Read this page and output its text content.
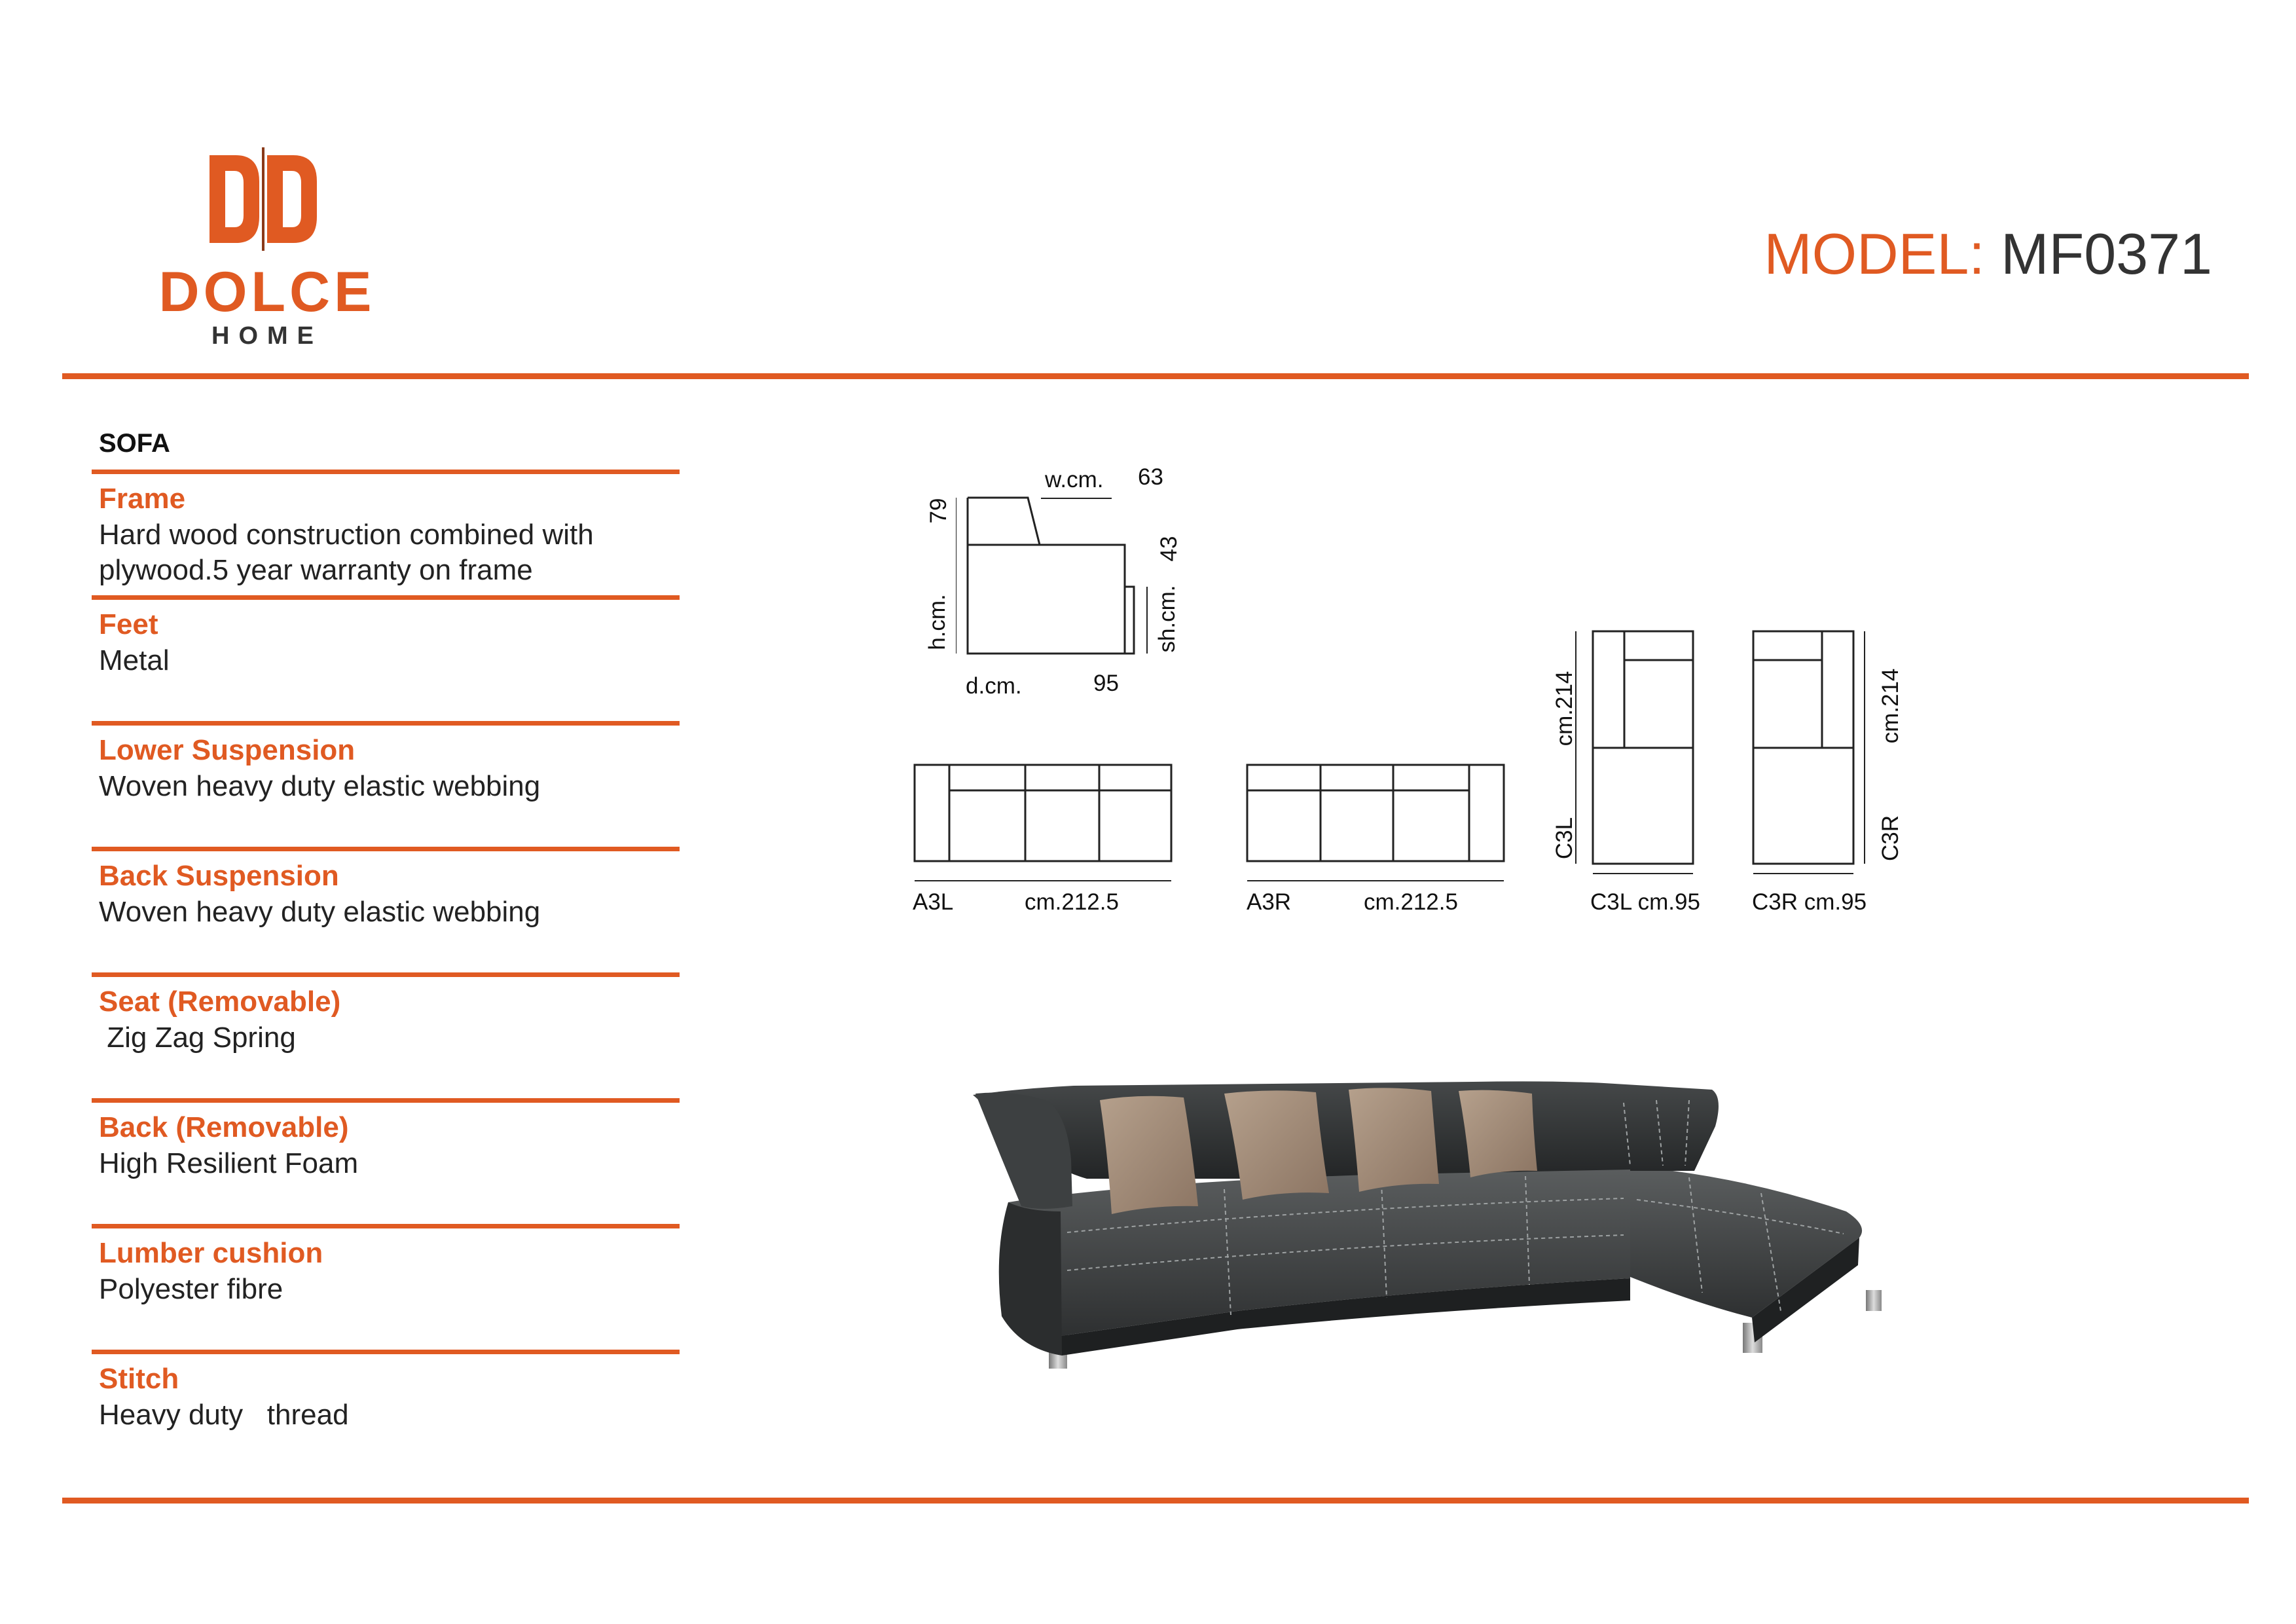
DOLCE
HOME
MODEL: MF0371
SOFA
Frame
Hard wood construction combined with plywood.5 year warranty on frame
Feet
Metal
Lower Suspension
Woven heavy duty elastic webbing
Back Suspension
Woven heavy duty elastic webbing
Seat (Removable)
Zig Zag Spring
Back (Removable)
High Resilient Foam
Lumber cushion
Polyester fibre
Stitch
Heavy duty   thread
w.cm. 63
79
h.cm.
43
sh.cm.
d.cm.	95
A3L	cm.212.5	A3R	cm.212.5
cm.214
C3L
C3L cm.95
cm.214
C3R
C3R cm.95
